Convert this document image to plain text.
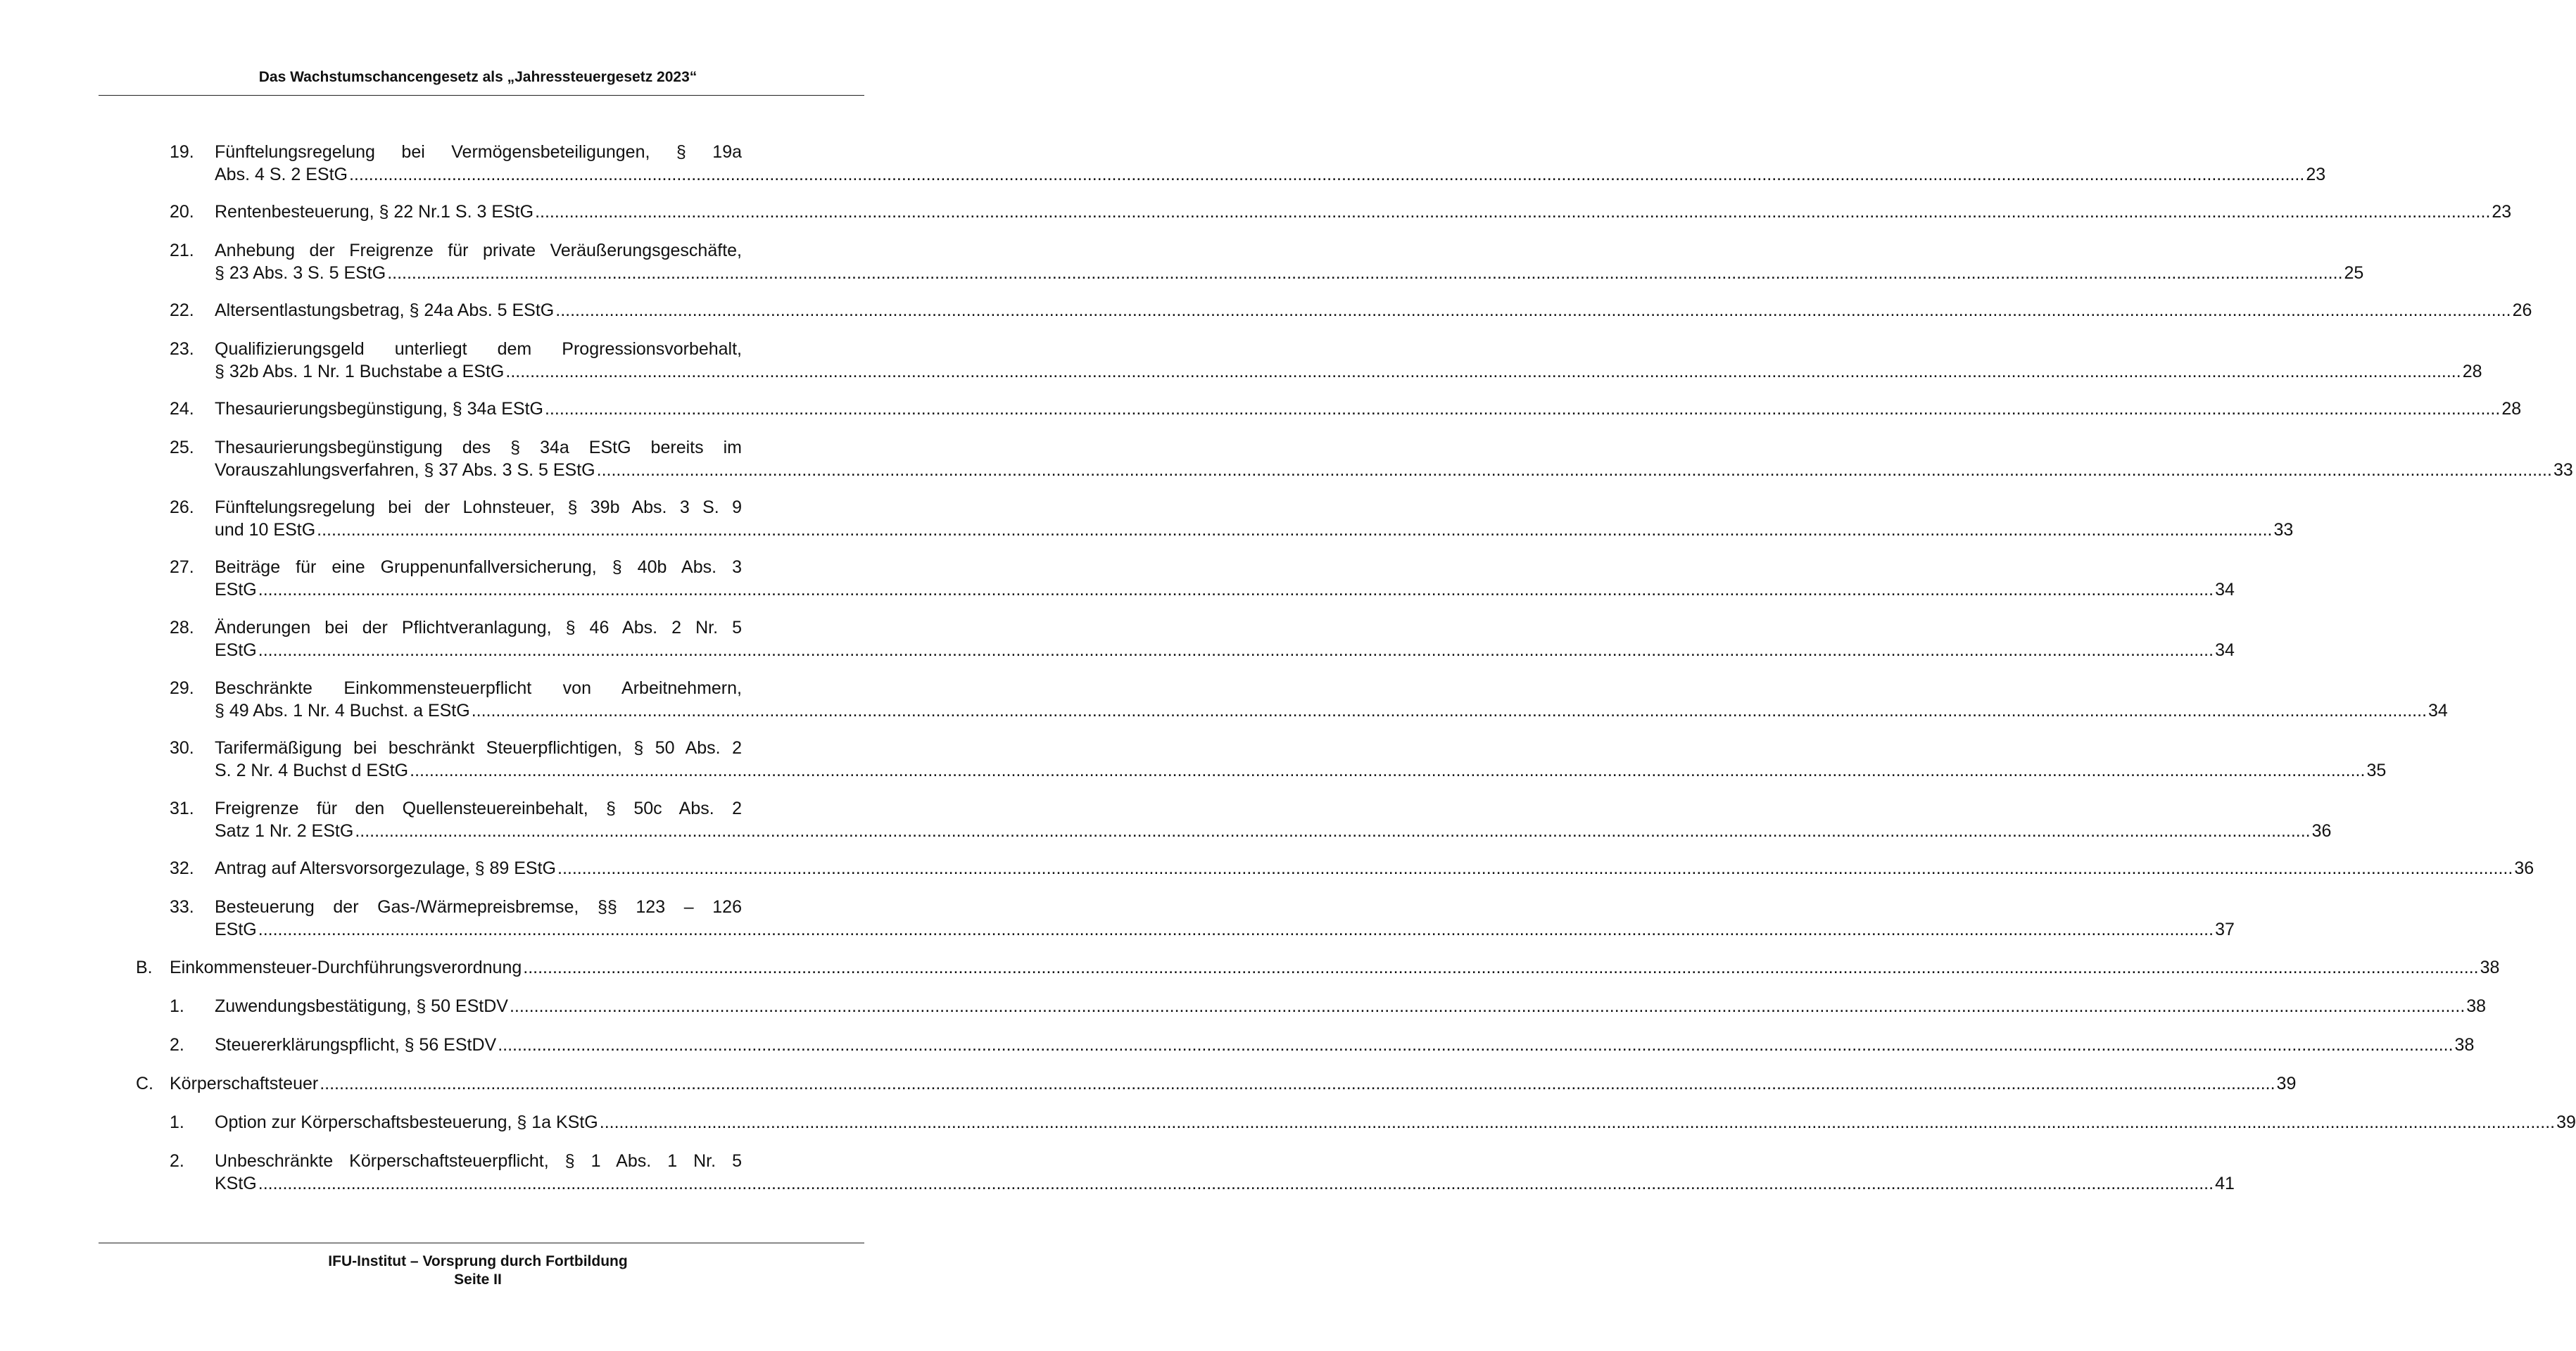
Das Wachstumschancengesetz als „Jahressteuergesetz 2023“
19. Fünftelungsregelung bei Vermögensbeteiligungen, § 19a
Abs. 4 S. 2 EStG ................................................................................................................................................................................................................................................................................................................................................................................................................ 23
20. Rentenbesteuerung, § 22 Nr.1 S. 3 EStG ................................................................................................................................................................................................................................................................................................................................................................................................................ 23
21. Anhebung der Freigrenze für private Veräußerungsgeschäfte,
§ 23 Abs. 3 S. 5 EStG ................................................................................................................................................................................................................................................................................................................................................................................................................ 25
22. Altersentlastungsbetrag, § 24a Abs. 5 EStG ................................................................................................................................................................................................................................................................................................................................................................................................................ 26
23. Qualifizierungsgeld unterliegt dem Progressionsvorbehalt,
§ 32b Abs. 1 Nr. 1 Buchstabe a EStG ................................................................................................................................................................................................................................................................................................................................................................................................................ 28
24. Thesaurierungsbegünstigung, § 34a EStG ................................................................................................................................................................................................................................................................................................................................................................................................................ 28
25. Thesaurierungsbegünstigung des § 34a EStG bereits im
Vorauszahlungsverfahren, § 37 Abs. 3 S. 5 EStG ................................................................................................................................................................................................................................................................................................................................................................................................................ 33
26. Fünftelungsregelung bei der Lohnsteuer, § 39b Abs. 3 S. 9
und 10 EStG ................................................................................................................................................................................................................................................................................................................................................................................................................ 33
27. Beiträge für eine Gruppenunfallversicherung, § 40b Abs. 3
EStG ................................................................................................................................................................................................................................................................................................................................................................................................................ 34
28. Änderungen bei der Pflichtveranlagung, § 46 Abs. 2 Nr. 5
EStG ................................................................................................................................................................................................................................................................................................................................................................................................................ 34
29. Beschränkte Einkommensteuerpflicht von Arbeitnehmern,
§ 49 Abs. 1 Nr. 4 Buchst. a EStG ................................................................................................................................................................................................................................................................................................................................................................................................................ 34
30. Tarifermäßigung bei beschränkt Steuerpflichtigen, § 50 Abs. 2
S. 2 Nr. 4 Buchst d EStG ................................................................................................................................................................................................................................................................................................................................................................................................................ 35
31. Freigrenze für den Quellensteuereinbehalt, § 50c Abs. 2
Satz 1 Nr. 2 EStG ................................................................................................................................................................................................................................................................................................................................................................................................................ 36
32. Antrag auf Altersvorsorgezulage, § 89 EStG ................................................................................................................................................................................................................................................................................................................................................................................................................ 36
33. Besteuerung der Gas-/Wärmepreisbremse, §§ 123 – 126
EStG ................................................................................................................................................................................................................................................................................................................................................................................................................ 37
B. Einkommensteuer-Durchführungsverordnung ................................................................................................................................................................................................................................................................................................................................................................................................................ 38
1. Zuwendungsbestätigung, § 50 EStDV ................................................................................................................................................................................................................................................................................................................................................................................................................ 38
2. Steuererklärungspflicht, § 56 EStDV ................................................................................................................................................................................................................................................................................................................................................................................................................ 38
C. Körperschaftsteuer ................................................................................................................................................................................................................................................................................................................................................................................................................ 39
1. Option zur Körperschaftsbesteuerung, § 1a KStG ................................................................................................................................................................................................................................................................................................................................................................................................................ 39
2. Unbeschränkte Körperschaftsteuerpflicht, § 1 Abs. 1 Nr. 5
KStG ................................................................................................................................................................................................................................................................................................................................................................................................................ 41
IFU-Institut – Vorsprung durch Fortbildung
Seite II
